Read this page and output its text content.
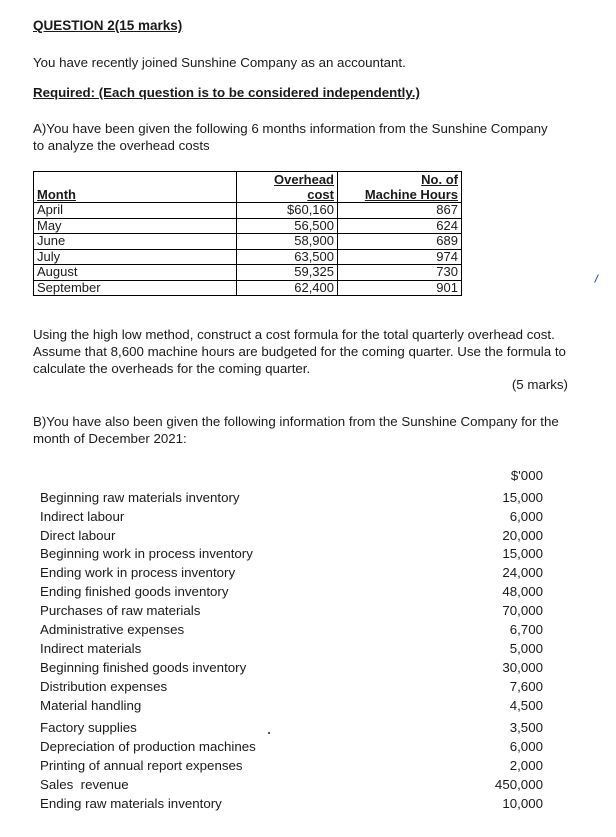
QUESTION 2(15 marks)
You have recently joined Sunshine Company as an accountant.
Required: (Each question is to be considered independently.)
A)You have been given the following 6 months information from the Sunshine Company to analyze the overhead costs
	Overhead	No. of
Month	cost	Machine Hours
April	$60,160	867
May	56,500	624
June	58,900	689
July	63,500	974
August	59,325	730
September	62,400	901
Using the high low method, construct a cost formula for the total quarterly overhead cost. Assume that 8,600 machine hours are budgeted for the coming quarter. Use the formula to calculate the overheads for the coming quarter.
(5 marks)
B)You have also been given the following information from the Sunshine Company for the month of December 2021:
$'000
Beginning raw materials inventory	15,000
Indirect labour	6,000
Direct labour	20,000
Beginning work in process inventory	15,000
Ending work in process inventory	24,000
Ending finished goods inventory	48,000
Purchases of raw materials	70,000
Administrative expenses	6,700
Indirect materials	5,000
Beginning finished goods inventory	30,000
Distribution expenses	7,600
Material handling	4,500
Factory supplies	3,500
Depreciation of production machines	6,000
Printing of annual report expenses	2,000
Sales  revenue	450,000
Ending raw materials inventory	10,000
